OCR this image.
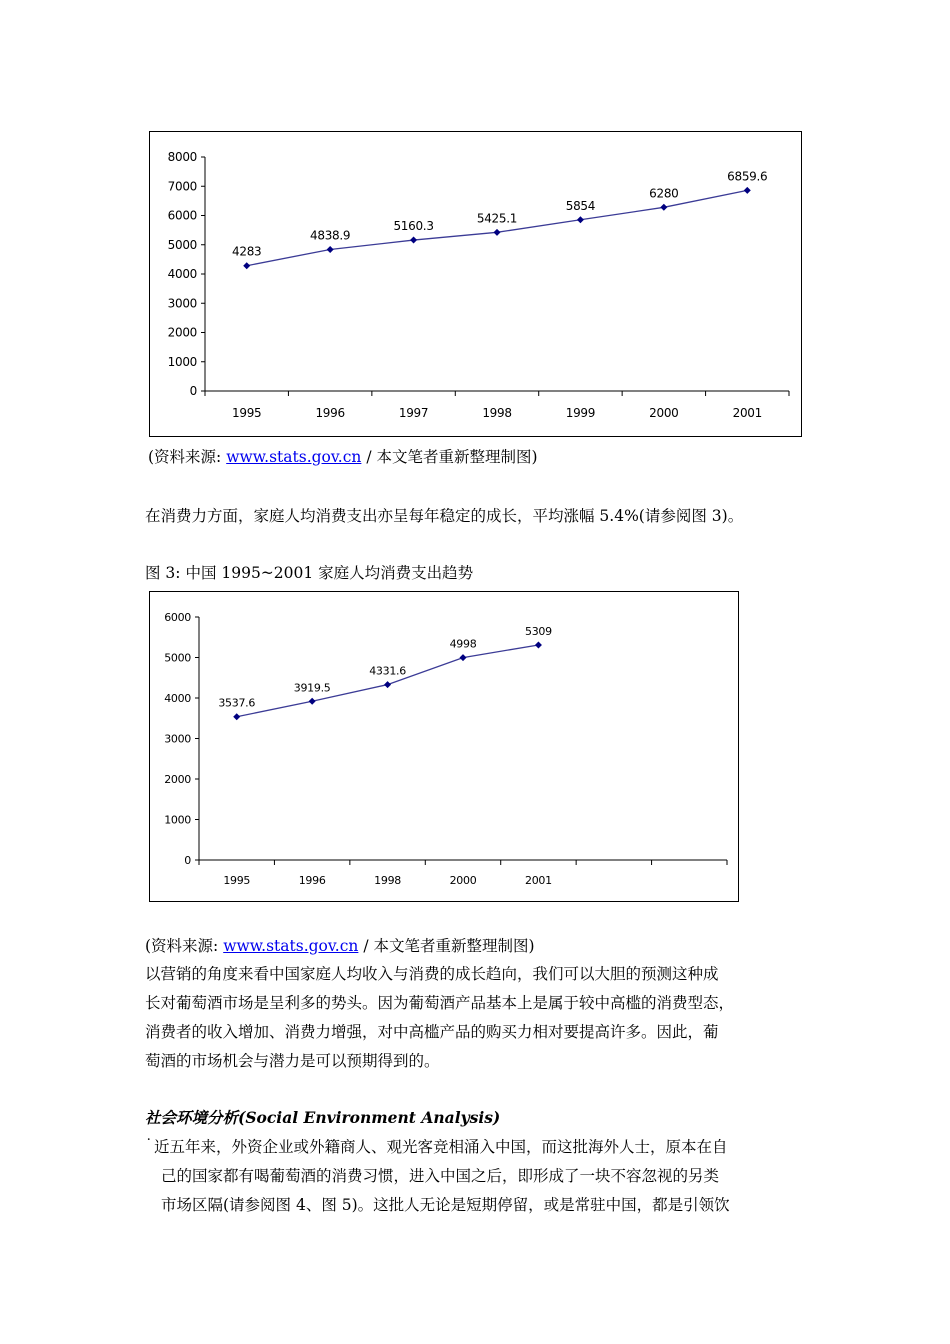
0
1000
2000
3000
4000
5000
6000
7000
8000
1995	1996	1997	1998	1999	2000	2001
4283
4838.9
5160.3
5425.1
5854
6280
6859.6
(资料来源: www.stats.gov.cn / 本文笔者重新整理制图)
在消费力方面，家庭人均消费支出亦呈每年稳定的成长，平均涨幅 5.4%(请参阅图 3)。
图 3: 中国 1995~2001 家庭人均消费支出趋势
0
1000
2000
3000
4000
5000
6000
1995	1996	1998	2000	2001
3537.6
3919.5
4331.6
4998
5309
(资料来源: www.stats.gov.cn / 本文笔者重新整理制图)
以营销的角度来看中国家庭人均收入与消费的成长趋向，我们可以大胆的预测这种成
长对葡萄酒市场是呈利多的势头。因为葡萄酒产品基本上是属于较中高槛的消费型态，
消费者的收入增加、消费力增强，对中高槛产品的购买力相对要提高许多。因此，葡
萄酒的市场机会与潜力是可以预期得到的。
社会环境分析(Social Environment Analysis)
˙ 近五年来，外资企业或外籍商人、观光客竞相涌入中国，而这批海外人士，原本在自
己的国家都有喝葡萄酒的消费习惯，进入中国之后，即形成了一块不容忽视的另类
市场区隔(请参阅图 4、图 5)。这批人无论是短期停留，或是常驻中国，都是引领饮
